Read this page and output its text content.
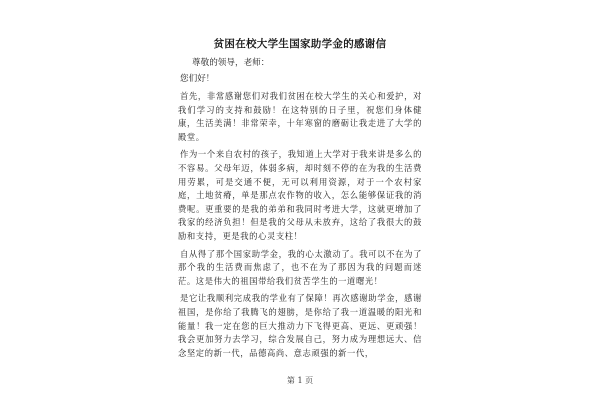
贫困在校大学生国家助学金的感谢信
尊敬的领导，老师：
您们好！

首先，非常感谢您们对我们贫困在校大学生的关心和爱护，对我们学习的支持和鼓励！在这特别的日子里，祝您们身体健康，生活美满！非常荣幸，十年寒窗的磨砺让我走进了大学的殿堂。

作为一个来自农村的孩子，我知道上大学对于我来讲是多么的不容易。父母年迈，体弱多病，却时刻不停的在为我的生活费用劳累，可是交通不便，无可以利用资源，对于一个农村家庭，土地贫瘠，单是那点农作物的收入，怎么能够保证我的消费呢。更重要的是我的弟弟和我同时考进大学，这就更增加了我家的经济负担！但是我的父母从未放弃，这给了我很大的鼓励和支持，更是我的心灵支柱！

自从得了那个国家助学金，我的心太激动了。我可以不在为了那个我的生活费而焦虑了，也不在为了那因为我的问题而迷茫。这是伟大的祖国带给我们贫苦学生的一道曙光！

是它让我顺利完成我的学业有了保障！再次感谢助学金，感谢祖国，是你给了我腾飞的翅膀，是你给了我一道温暖的阳光和能量！我一定在您的巨大推动力下飞得更高、更远、更顽强！我会更加努力去学习，综合发展自己，努力成为理想远大、信念坚定的新一代，品德高尚、意志顽强的新一代，

第 1 页
